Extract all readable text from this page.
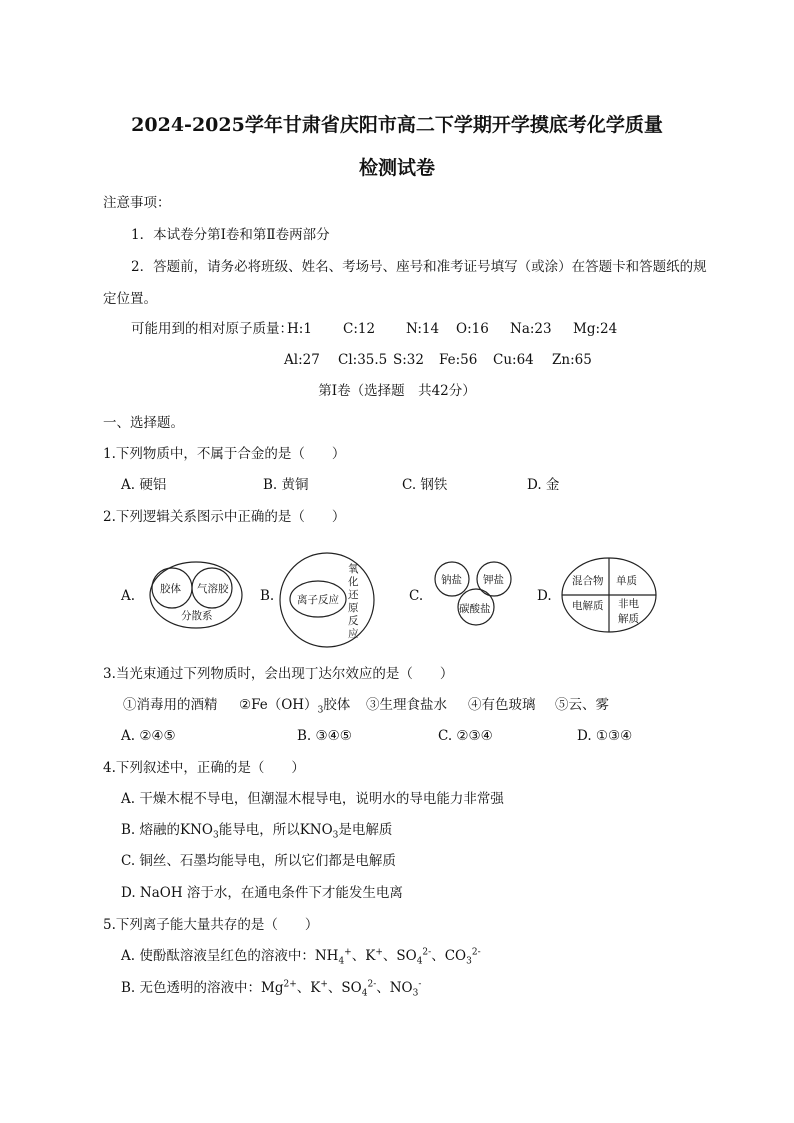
2024-2025学年甘肃省庆阳市高二下学期开学摸底考化学质量
检测试卷
注意事项：
1．本试卷分第Ⅰ卷和第Ⅱ卷两部分
2．答题前，请务必将班级、姓名、考场号、座号和准考证号填写（或涂）在答题卡和答题纸的规
定位置。
可能用到的相对原子质量：
H:1 C:12 N:14 O:16 Na:23 Mg:24
Al:27 Cl:35.5 S:32 Fe:56 Cu:64 Zn:65
第Ⅰ卷（选择题　共42分）
一、选择题。
1.下列物质中，不属于合金的是（　　）
A. 硬铝	B. 黄铜	C. 钢铁	D. 金
2.下列逻辑关系图示中正确的是（　　）
A.	B.	C.	D.
胶体 气溶胶
分散系
离子反应
氧
化
还
原
反
应
钠盐 钾盐
碳酸盐
混合物 单质
电解质 非电
解质
3.当光束通过下列物质时，会出现丁达尔效应的是（　　）
①消毒用的酒精 $②Fe(OH)_3$胶体 ③生理食盐水 ④有色玻璃 ⑤云、雾
A. ②④⑤	B. ③④⑤	C. ②③④	D. ①③④
4.下列叙述中，正确的是（　　）
A. 干燥木棍不导电，但潮湿木棍导电，说明水的导电能力非常强
B. 熔融的$KNO_3$能导电，所以$KNO_3$是电解质
C. 铜丝、石墨均能导电，所以它们都是电解质
D. NaOH 溶于水，在通电条件下才能发生电离
5.下列离子能大量共存的是（　　）
A. 使酚酞溶液呈红色的溶液中：$NH_4^+$、K+、$SO_4^{2-}$、$CO_3^{2-}$
B. 无色透明的溶液中：$Mg^{2+}$、K+、$SO_4^{2-}$、$NO_3^-$
